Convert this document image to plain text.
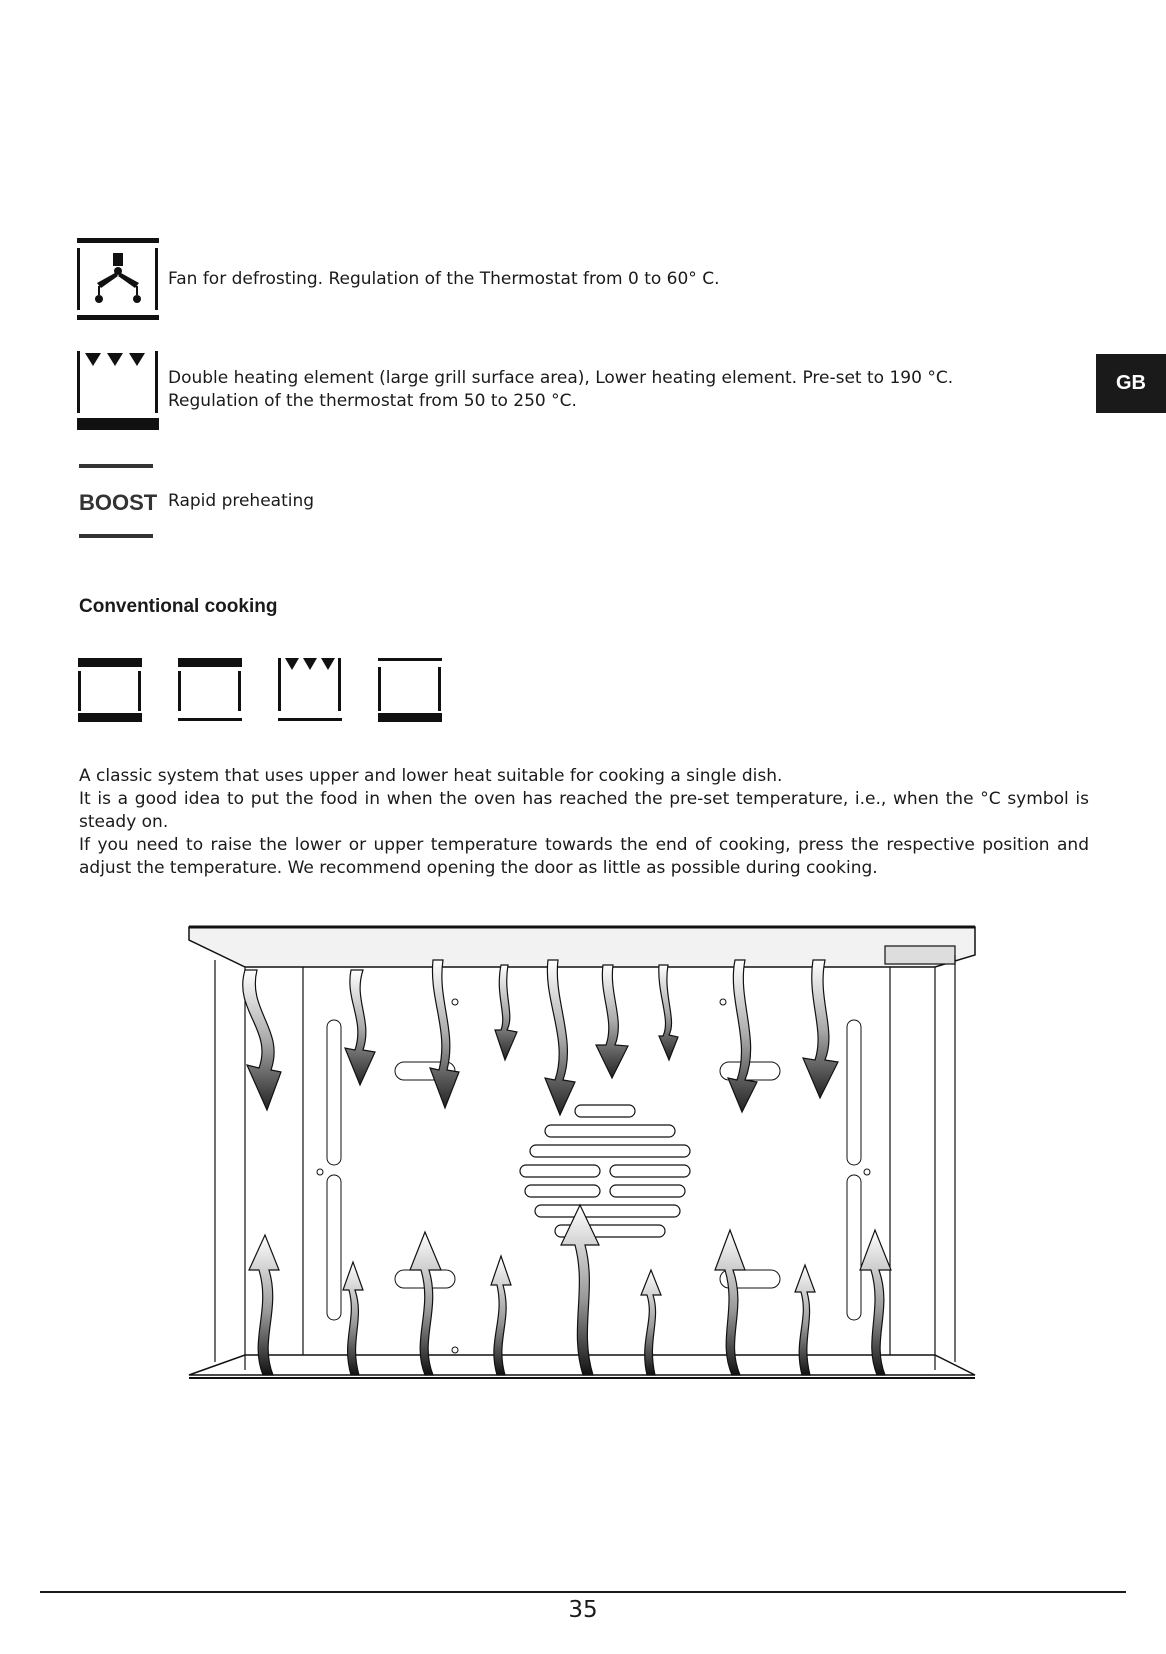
GB
Fan for defrosting. Regulation of the Thermostat from 0 to 60° C.
Double heating element (large grill surface area), Lower heating element. Pre-set to 190 °C.
Regulation of the thermostat from 50 to 250 °C.
BOOST Rapid preheating
Conventional cooking

A classic system that uses upper and lower heat suitable for cooking a single dish.

It is a good idea to put the food in when the oven has reached the pre-set temperature, i.e., when the °C symbol is steady on.

If you need to raise the lower or upper temperature towards the end of cooking, press the respective position and adjust the temperature. We recommend opening the door as little as possible during cooking.

35
